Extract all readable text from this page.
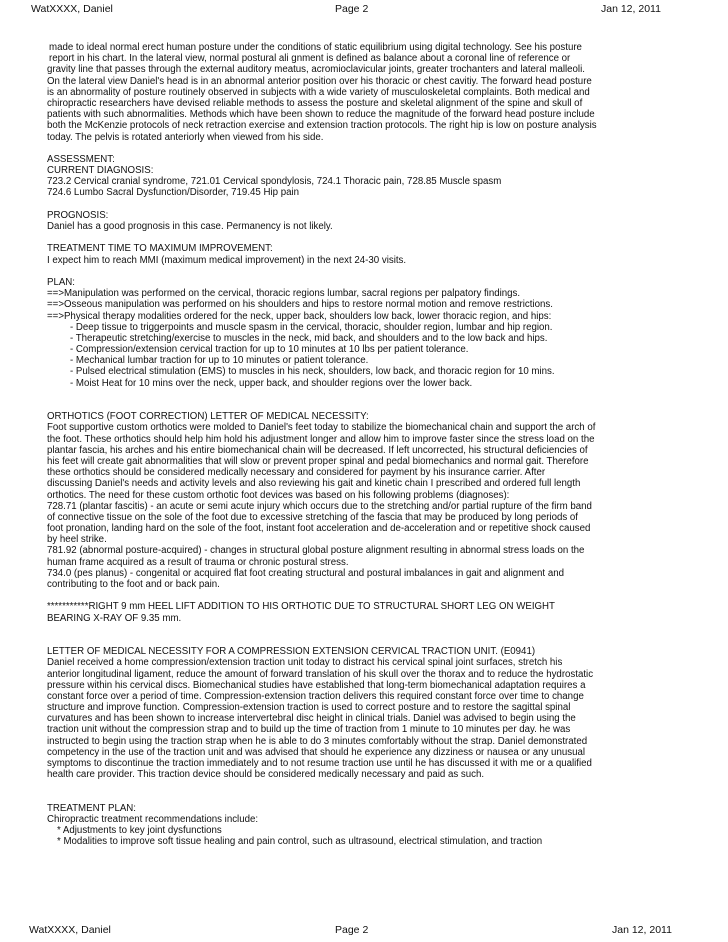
WatXXXX, Daniel	Page 2	Jan 12, 2011
made to ideal normal erect human posture under the conditions of static equilibrium using digital technology. See his posture
report in his chart. In the lateral view, normal postural ali gnment is defined as balance about a coronal line of reference or
gravity line that passes through the external auditory meatus, acromioclavicular joints, greater trochanters and lateral malleoli.
On the lateral view Daniel's head is in an abnormal anterior position over his thoracic or chest cavitiy. The forward head posture
is an abnormality of posture routinely observed in subjects with a wide variety of musculoskeletal complaints. Both medical and
chiropractic researchers have devised reliable methods to assess the posture and skeletal alignment of the spine and skull of
patients with such abnormalities. Methods which have been shown to reduce the magnitude of the forward head posture include
both the McKenzie protocols of neck retraction exercise and extension traction protocols. The right hip is low on posture analysis
today. The pelvis is rotated anteriorly when viewed from his side.
ASSESSMENT:
CURRENT DIAGNOSIS:
723.2 Cervical cranial syndrome, 721.01 Cervical spondylosis, 724.1 Thoracic pain, 728.85 Muscle spasm
724.6 Lumbo Sacral Dysfunction/Disorder, 719.45 Hip pain
PROGNOSIS:
Daniel has a good prognosis in this case. Permanency is not likely.
TREATMENT TIME TO MAXIMUM IMPROVEMENT:
I expect him to reach MMI (maximum medical improvement) in the next 24-30 visits.
PLAN:
==>Manipulation was performed on the cervical, thoracic regions lumbar, sacral regions per palpatory findings.
==>Osseous manipulation was performed on his shoulders and hips to restore normal motion and remove restrictions.
==>Physical therapy modalities ordered for the neck, upper back, shoulders low back, lower thoracic region, and hips:
- Deep tissue to triggerpoints and muscle spasm in the cervical, thoracic, shoulder region, lumbar and hip region.
- Therapeutic stretching/exercise to muscles in the neck, mid back, and shoulders and to the low back and hips.
- Compression/extension cervical traction for up to 10 minutes at 10 lbs per patient tolerance.
- Mechanical lumbar traction for up to 10 minutes or patient tolerance.
- Pulsed electrical stimulation (EMS) to muscles in his neck, shoulders, low back, and thoracic region for 10 mins.
- Moist Heat for 10 mins over the neck, upper back, and shoulder regions over the lower back.
ORTHOTICS (FOOT CORRECTION) LETTER OF MEDICAL NECESSITY:
Foot supportive custom orthotics were molded to Daniel's feet today to stabilize the biomechanical chain and support the arch of
the foot. These orthotics should help him hold his adjustment longer and allow him to improve faster since the stress load on the
plantar fascia, his arches and his entire biomechanical chain will be decreased. If left uncorrected, his structural deficiencies of
his feet will create gait abnormalities that will slow or prevent proper spinal and pedal biomechanics and normal gait. Therefore
these orthotics should be considered medically necessary and considered for payment by his insurance carrier. After
discussing Daniel's needs and activity levels and also reviewing his gait and kinetic chain I prescribed and ordered full length
orthotics. The need for these custom orthotic foot devices was based on his following problems (diagnoses):
728.71 (plantar fascitis) - an acute or semi acute injury which occurs due to the stretching and/or partial rupture of the firm band
of connective tissue on the sole of the foot due to excessive stretching of the fascia that may be produced by long periods of
foot pronation, landing hard on the sole of the foot, instant foot acceleration and de-acceleration and or repetitive shock caused
by heel strike.
781.92 (abnormal posture-acquired) - changes in structural global posture alignment resulting in abnormal stress loads on the
human frame acquired as a result of trauma or chronic postural stress.
734.0 (pes planus) - congenital or acquired flat foot creating structural and postural imbalances in gait and alignment and
contributing to the foot and or back pain.
***********RIGHT 9 mm HEEL LIFT ADDITION TO HIS ORTHOTIC DUE TO STRUCTURAL SHORT LEG ON WEIGHT
BEARING X-RAY OF 9.35 mm.
LETTER OF MEDICAL NECESSITY FOR A COMPRESSION EXTENSION CERVICAL TRACTION UNIT. (E0941)
Daniel received a home compression/extension traction unit today to distract his cervical spinal joint surfaces, stretch his
anterior longitudinal ligament, reduce the amount of forward translation of his skull over the thorax and to reduce the hydrostatic
pressure within his cervical discs. Biomechanical studies have established that long-term biomechanical adaptation requires a
constant force over a period of time. Compression-extension traction delivers this required constant force over time to change
structure and improve function. Compression-extension traction is used to correct posture and to restore the sagittal spinal
curvatures and has been shown to increase intervertebral disc height in clinical trials. Daniel was advised to begin using the
traction unit without the compression strap and to build up the time of traction from 1 minute to 10 minutes per day. he was
instructed to begin using the traction strap when he is able to do 3 minutes comfortably without the strap. Daniel demonstrated
competency in the use of the traction unit and was advised that should he experience any dizziness or nausea or any unusual
symptoms to discontinue the traction immediately and to not resume traction use until he has discussed it with me or a qualified
health care provider. This traction device should be considered medically necessary and paid as such.
TREATMENT PLAN:
Chiropractic treatment recommendations include:
* Adjustments to key joint dysfunctions
* Modalities to improve soft tissue healing and pain control, such as ultrasound, electrical stimulation, and traction
WatXXXX, Daniel	Page 2	Jan 12, 2011
